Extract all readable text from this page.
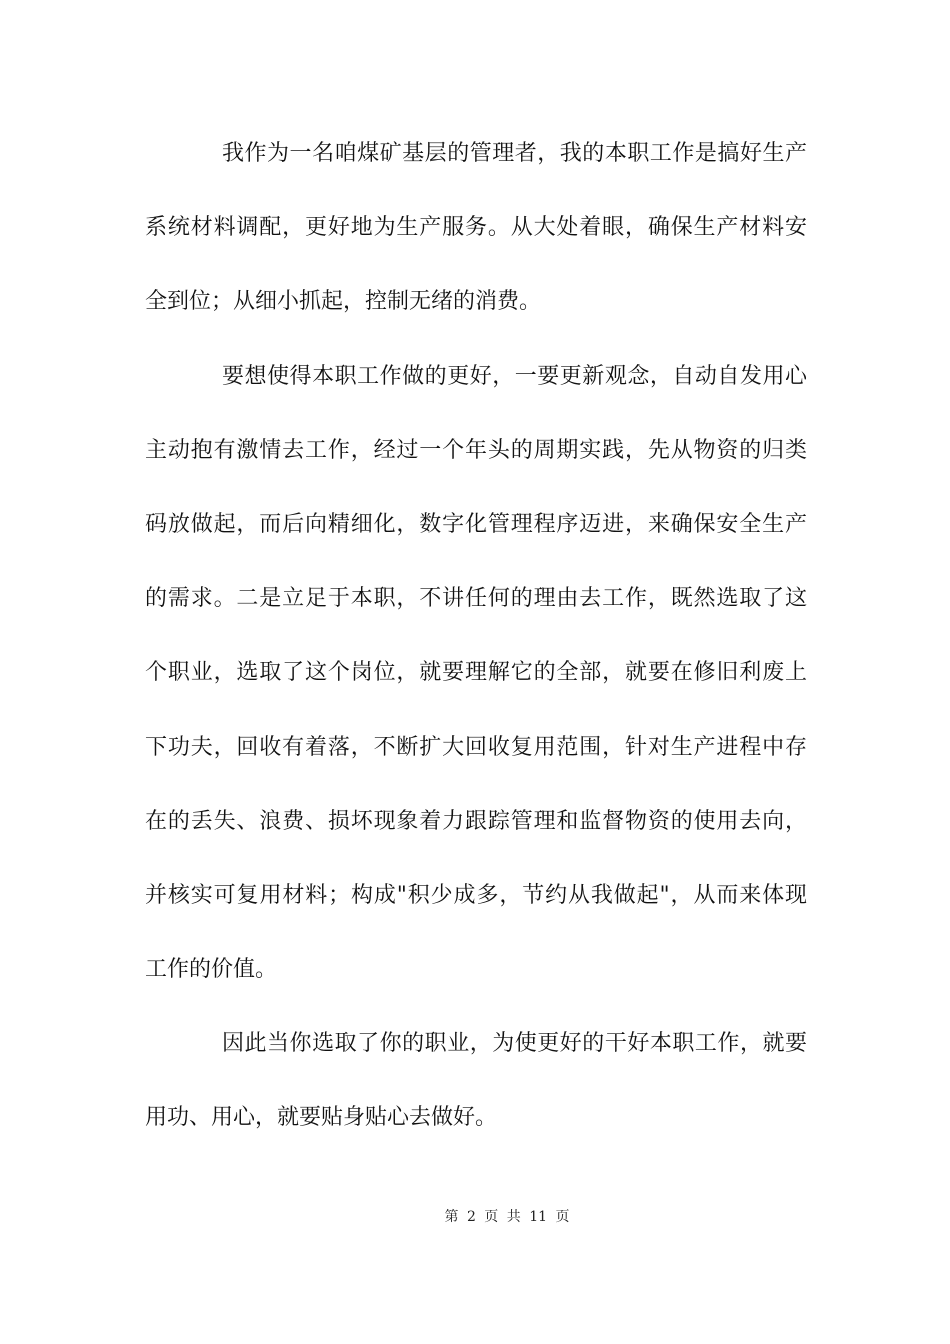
我作为一名咱煤矿基层的管理者，我的本职工作是搞好生产
系统材料调配，更好地为生产服务。从大处着眼，确保生产材料安
全到位；从细小抓起，控制无绪的消费。
要想使得本职工作做的更好，一要更新观念，自动自发用心
主动抱有激情去工作，经过一个年头的周期实践，先从物资的归类
码放做起，而后向精细化，数字化管理程序迈进，来确保安全生产
的需求。二是立足于本职，不讲任何的理由去工作，既然选取了这
个职业，选取了这个岗位，就要理解它的全部，就要在修旧利废上
下功夫，回收有着落，不断扩大回收复用范围，针对生产进程中存
在的丢失、浪费、损坏现象着力跟踪管理和监督物资的使用去向，
并核实可复用材料；构成"积少成多，节约从我做起"，从而来体现
工作的价值。
因此当你选取了你的职业，为使更好的干好本职工作，就要
用功、用心，就要贴身贴心去做好。
第 2 页 共 11 页
